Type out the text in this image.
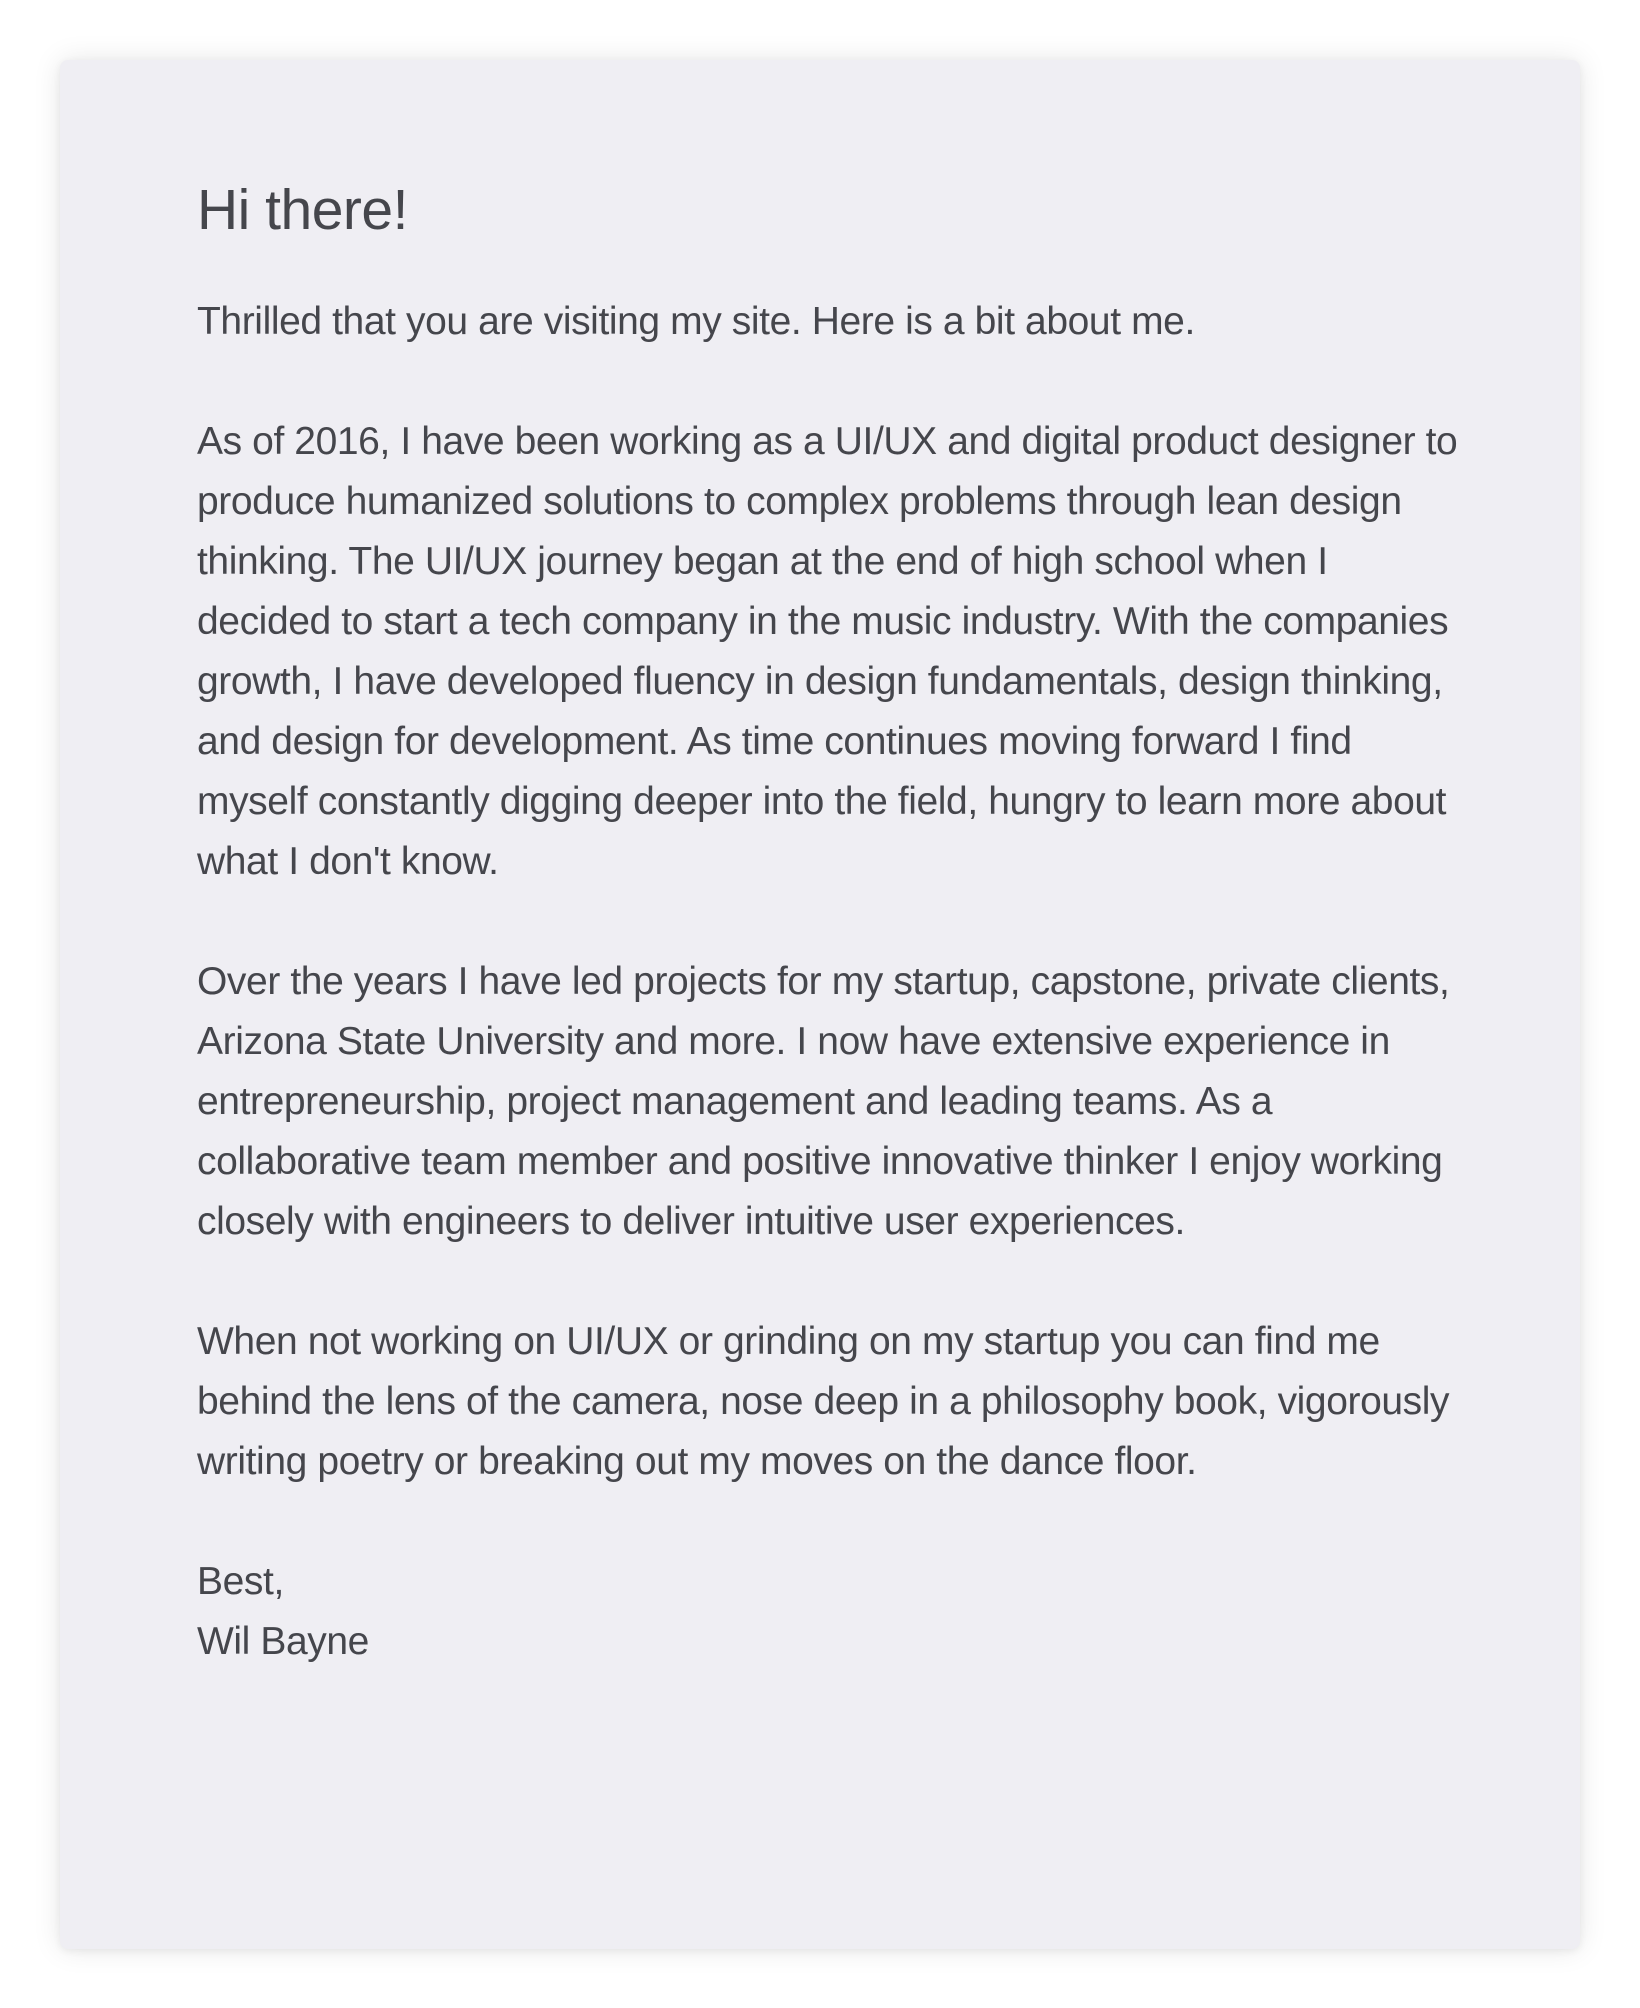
Hi there!

Thrilled that you are visiting my site. Here is a bit about me.

As of 2016, I have been working as a UI/UX and digital product designer to produce humanized solutions to complex problems through lean design thinking. The UI/UX journey began at the end of high school when I decided to start a tech company in the music industry. With the companies growth, I have developed fluency in design fundamentals, design thinking, and design for development. As time continues moving forward I find myself constantly digging deeper into the field, hungry to learn more about what I don't know.

Over the years I have led projects for my startup, capstone, private clients, Arizona State University and more. I now have extensive experience in entrepreneurship, project management and leading teams. As a collaborative team member and positive innovative thinker I enjoy working closely with engineers to deliver intuitive user experiences.

When not working on UI/UX or grinding on my startup you can find me behind the lens of the camera, nose deep in a philosophy book, vigorously writing poetry or breaking out my moves on the dance floor.

Best,
Wil Bayne
